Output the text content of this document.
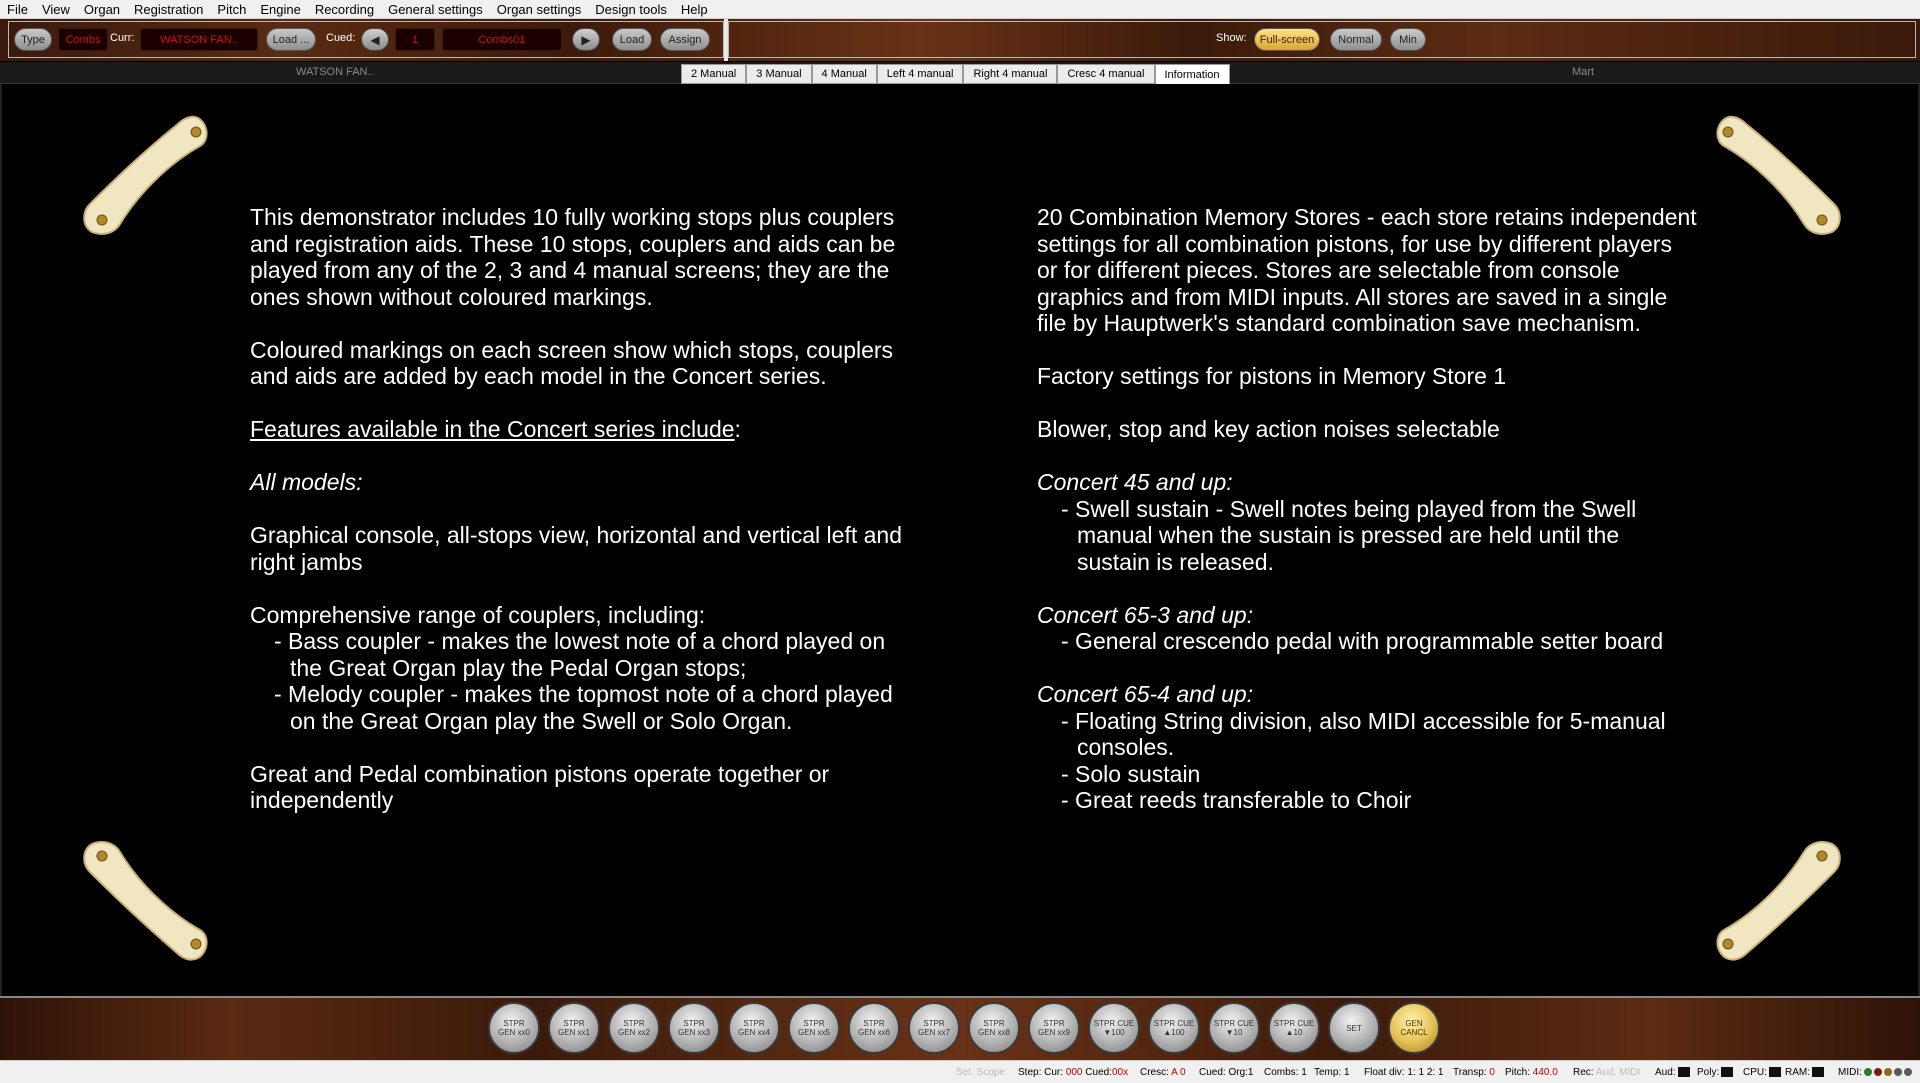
File	View	Organ	Registration	Pitch	Engine	Recording	General settings	Organ settings	Design tools	Help
Type	Combs Curr:	WATSON FAN..	Load ...	Cued:	◀	1	Combs01	▶	Load	Assign	Show:	Full-screen	Normal	Min
WATSON FAN..	2 Manual	3 Manual	4 Manual	Left 4 manual	Right 4 manual	Cresc 4 manual	Information	Mart
This demonstrator includes 10 fully working stops plus couplers and registration aids. These 10 stops, couplers and aids can be played from any of the 2, 3 and 4 manual screens; they are the ones shown without coloured markings.
Coloured markings on each screen show which stops, couplers and aids are added by each model in the Concert series.
Features available in the Concert series include:
All models:
Graphical console, all-stops view, horizontal and vertical left and right jambs
Comprehensive range of couplers, including:
- Bass coupler - makes the lowest note of a chord played on the Great Organ play the Pedal Organ stops;
- Melody coupler - makes the topmost note of a chord played on the Great Organ play the Swell or Solo Organ.
Great and Pedal combination pistons operate together or independently
20 Combination Memory Stores - each store retains independent settings for all combination pistons, for use by different players or for different pieces. Stores are selectable from console graphics and from MIDI inputs. All stores are saved in a single file by Hauptwerk's standard combination save mechanism.
Factory settings for pistons in Memory Store 1
Blower, stop and key action noises selectable
Concert 45 and up:
- Swell sustain - Swell notes being played from the Swell manual when the sustain is pressed are held until the sustain is released.
Concert 65-3 and up:
- General crescendo pedal with programmable setter board
Concert 65-4 and up:
- Floating String division, also MIDI accessible for 5-manual consoles.
- Solo sustain
- Great reeds transferable to Choir
STPR
GEN xx0
STPR
GEN xx1
STPR
GEN xx2
STPR
GEN xx3
STPR
GEN xx4
STPR
GEN xx5
STPR
GEN xx6
STPR
GEN xx7
STPR
GEN xx8
STPR
GEN xx9
STPR CUE
▼100
STPR CUE
▲100
STPR CUE
▼10
STPR CUE
▲10	SET	GEN
CANCL
Set. Scope Step: Cur: 000 Cued:00x Cresc: A 0 Cued: Org:1 Combs: 1 Temp: 1 Float div: 1: 1 2: 1 Transp: 0 Pitch: 440.0 Rec: Aud. MIDI Aud:	Poly:	CPU:	RAM:	MIDI:
